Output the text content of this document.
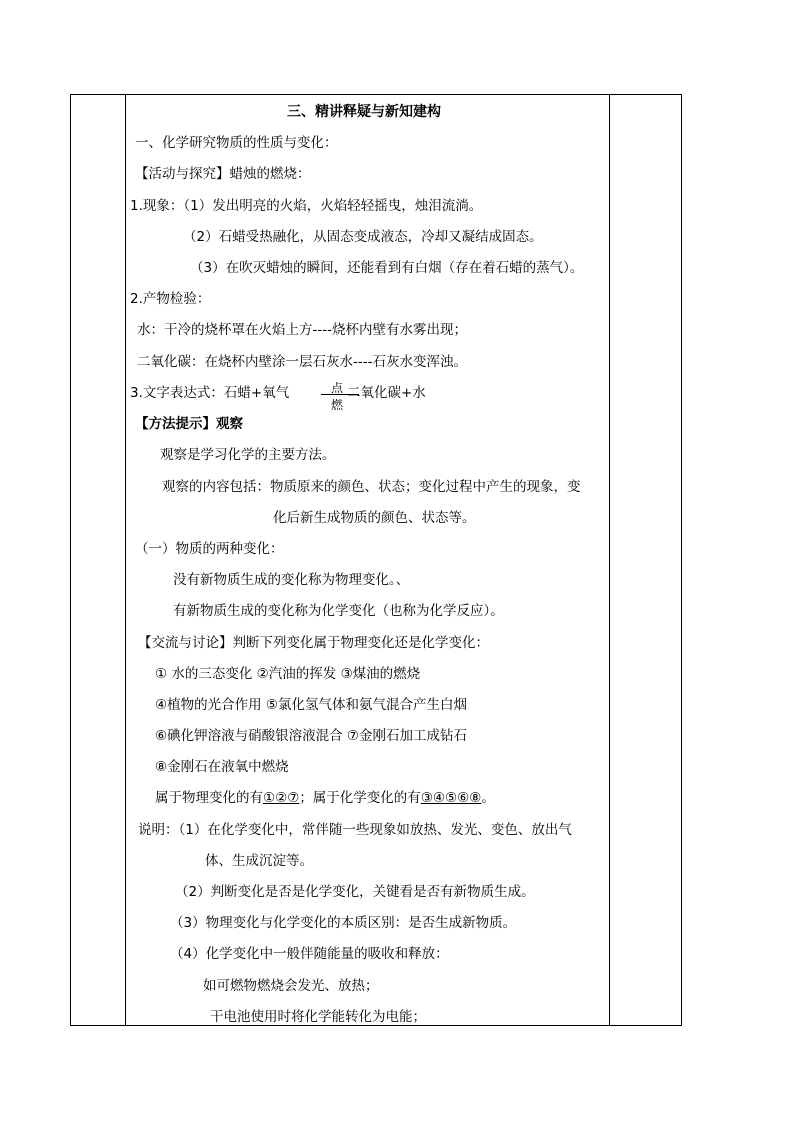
三、精讲释疑与新知建构
一、化学研究物质的性质与变化：
【活动与探究】蜡烛的燃烧：
1.现象：（1）发出明亮的火焰，火焰轻轻摇曳，烛泪流淌。
（2）石蜡受热融化，从固态变成液态，冷却又凝结成固态。
（3）在吹灭蜡烛的瞬间，还能看到有白烟（存在着石蜡的蒸气）。
2.产物检验：
水：干冷的烧杯罩在火焰上方----烧杯内壁有水雾出现；
二氧化碳：在烧杯内壁涂一层石灰水----石灰水变浑浊。
3.文字表达式：石蜡+氧气	点燃
二氧化碳+水
【方法提示】观察
观察是学习化学的主要方法。
观察的内容包括：物质原来的颜色、状态；变化过程中产生的现象，变
化后新生成物质的颜色、状态等。
（一）物质的两种变化：
没有新物质生成的变化称为物理变化。、
有新物质生成的变化称为化学变化（也称为化学反应）。
【交流与讨论】判断下列变化属于物理变化还是化学变化：
① 水的三态变化 ②汽油的挥发 ③煤油的燃烧
④植物的光合作用 ⑤氯化氢气体和氨气混合产生白烟
⑥碘化钾溶液与硝酸银溶液混合 ⑦金刚石加工成钻石
⑧金刚石在液氧中燃烧
属于物理变化的有①②⑦；属于化学变化的有③④⑤⑥⑧。
说明：（1）在化学变化中，常伴随一些现象如放热、发光、变色、放出气
体、生成沉淀等。
（2）判断变化是否是化学变化，关键看是否有新物质生成。
（3）物理变化与化学变化的本质区别：是否生成新物质。
（4）化学变化中一般伴随能量的吸收和释放：
如可燃物燃烧会发光、放热；
干电池使用时将化学能转化为电能；
